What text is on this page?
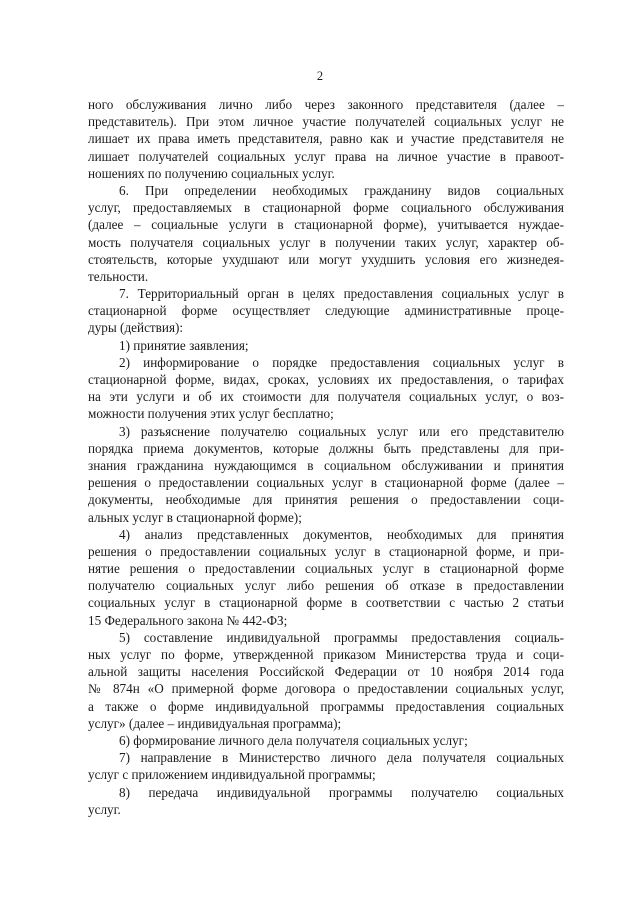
2
ного обслуживания лично либо через законного представителя (далее –
представитель). При этом личное участие получателей социальных услуг не
лишает их права иметь представителя, равно как и участие представителя не
лишает получателей социальных услуг права на личное участие в правоот-
ношениях по получению социальных услуг.
6. При определении необходимых гражданину видов социальных
услуг, предоставляемых в стационарной форме социального обслуживания
(далее – социальные услуги в стационарной форме), учитывается нуждае-
мость получателя социальных услуг в получении таких услуг, характер об-
стоятельств, которые ухудшают или могут ухудшить условия его жизнедея-
тельности.
7. Территориальный орган в целях предоставления социальных услуг в
стационарной форме осуществляет следующие административные проце-
дуры (действия):
1) принятие заявления;
2) информирование о порядке предоставления социальных услуг в
стационарной форме, видах, сроках, условиях их предоставления, о тарифах
на эти услуги и об их стоимости для получателя социальных услуг, о воз-
можности получения этих услуг бесплатно;
3) разъяснение получателю социальных услуг или его представителю
порядка приема документов, которые должны быть представлены для при-
знания гражданина нуждающимся в социальном обслуживании и принятия
решения о предоставлении социальных услуг в стационарной форме (далее –
документы, необходимые для принятия решения о предоставлении соци-
альных услуг в стационарной форме);
4) анализ представленных документов, необходимых для принятия
решения о предоставлении социальных услуг в стационарной форме, и при-
нятие решения о предоставлении социальных услуг в стационарной форме
получателю социальных услуг либо решения об отказе в предоставлении
социальных услуг в стационарной форме в соответствии с частью 2 статьи
15 Федерального закона № 442-ФЗ;
5) составление индивидуальной программы предоставления социаль-
ных услуг по форме, утвержденной приказом Министерства труда и соци-
альной защиты населения Российской Федерации от 10 ноября 2014 года
№ 874н «О примерной форме договора о предоставлении социальных услуг,
а также о форме индивидуальной программы предоставления социальных
услуг» (далее – индивидуальная программа);
6) формирование личного дела получателя социальных услуг;
7) направление в Министерство личного дела получателя социальных
услуг с приложением индивидуальной программы;
8) передача индивидуальной программы получателю социальных
услуг.
